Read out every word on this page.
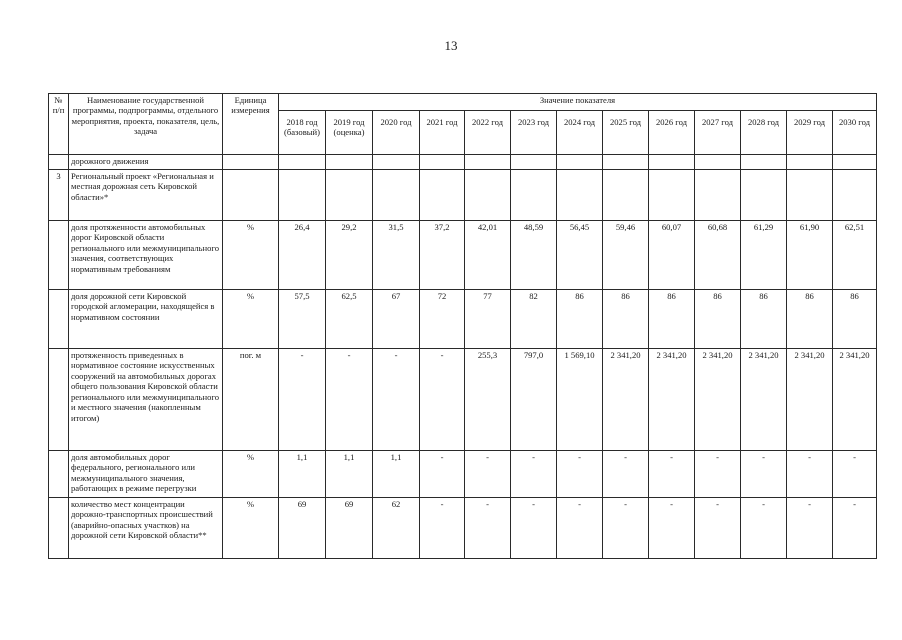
13
№ п/п	Наименование государственной программы, подпрограммы, отдельного мероприятия, проекта, показателя, цель, задача	Единица измерения	Значение показателя												
			2018 год (базовый)	2019 год (оценка)	2020 год	2021 год	2022 год	2023 год	2024 год	2025 год	2026 год	2027 год	2028 год	2029 год	2030 год
	дорожного движения														
3	Региональный проект «Региональная и местная дорожная сеть Кировской области»*														
	доля протяженности автомобильных дорог Кировской области регионального или межмуниципального значения, соответствующих нормативным требованиям	%	26,4	29,2	31,5	37,2	42,01	48,59	56,45	59,46	60,07	60,68	61,29	61,90	62,51
	доля дорожной сети Кировской городской агломерации, находящейся в нормативном состоянии	%	57,5	62,5	67	72	77	82	86	86	86	86	86	86	86
	протяженность приведенных в нормативное состояние искусственных сооружений на автомобильных дорогах общего пользования Кировской области регионального или межмуниципального и местного значения (накопленным итогом)	пог. м	-	-	-	-	255,3	797,0	1 569,10	2 341,20	2 341,20	2 341,20	2 341,20	2 341,20	2 341,20
	доля автомобильных дорог федерального, регионального или межмуниципального значения, работающих в режиме перегрузки	%	1,1	1,1	1,1	-	-	-	-	-	-	-	-	-	-
	количество мест концентрации дорожно-транспортных происшествий (аварийно-опасных участков) на дорожной сети Кировской области**	%	69	69	62	-	-	-	-	-	-	-	-	-	-
